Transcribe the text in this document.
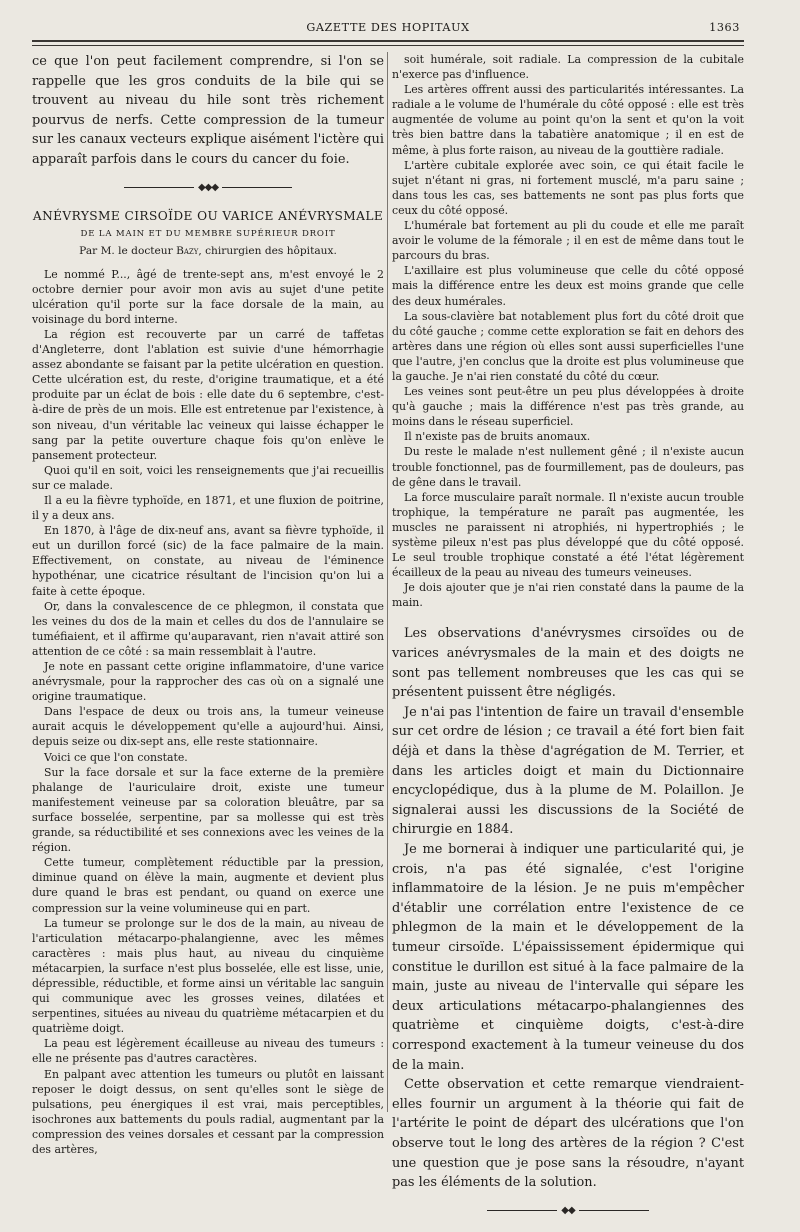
GAZETTE DES HOPITAUX	1363

ce que l'on peut facilement comprendre, si l'on se rappelle que les gros conduits de la bile qui se trouvent au niveau du hile sont très richement pourvus de nerfs. Cette compression de la tumeur sur les canaux vecteurs explique aisément l'ictère qui apparaît parfois dans le cours du cancer du foie.

◆◆◆
ANÉVRYSME CIRSOÏDE OU VARICE ANÉVRYSMALE
DE LA MAIN ET DU MEMBRE SUPÉRIEUR DROIT
Par M. le docteur Bazy, chirurgien des hôpitaux.

Le nommé P..., âgé de trente-sept ans, m'est envoyé le 2 octobre dernier pour avoir mon avis au sujet d'une petite ulcération qu'il porte sur la face dorsale de la main, au voisinage du bord interne.

La région est recouverte par un carré de taffetas d'Angleterre, dont l'ablation est suivie d'une hémorrhagie assez abondante se faisant par la petite ulcération en question. Cette ulcération est, du reste, d'origine traumatique, et a été produite par un éclat de bois : elle date du 6 septembre, c'est-à-dire de près de un mois. Elle est entretenue par l'existence, à son niveau, d'un véritable lac veineux qui laisse échapper le sang par la petite ouverture chaque fois qu'on enlève le pansement protecteur.

Quoi qu'il en soit, voici les renseignements que j'ai recueillis sur ce malade.

Il a eu la fièvre typhoïde, en 1871, et une fluxion de poitrine, il y a deux ans.

En 1870, à l'âge de dix-neuf ans, avant sa fièvre typhoïde, il eut un durillon forcé (sic) de la face palmaire de la main. Effectivement, on constate, au niveau de l'éminence hypothénar, une cicatrice résultant de l'incision qu'on lui a faite à cette époque.

Or, dans la convalescence de ce phlegmon, il constata que les veines du dos de la main et celles du dos de l'annulaire se tuméfiaient, et il affirme qu'auparavant, rien n'avait attiré son attention de ce côté : sa main ressemblait à l'autre.

Je note en passant cette origine inflammatoire, d'une varice anévrysmale, pour la rapprocher des cas où on a signalé une origine traumatique.

Dans l'espace de deux ou trois ans, la tumeur veineuse aurait acquis le développement qu'elle a aujourd'hui. Ainsi, depuis seize ou dix-sept ans, elle reste stationnaire.

Voici ce que l'on constate.

Sur la face dorsale et sur la face externe de la première phalange de l'auriculaire droit, existe une tumeur manifestement veineuse par sa coloration bleuâtre, par sa surface bosselée, serpentine, par sa mollesse qui est très grande, sa réductibilité et ses connexions avec les veines de la région.

Cette tumeur, complètement réductible par la pression, diminue quand on élève la main, augmente et devient plus dure quand le bras est pendant, ou quand on exerce une compression sur la veine volumineuse qui en part.

La tumeur se prolonge sur le dos de la main, au niveau de l'articulation métacarpo-phalangienne, avec les mêmes caractères : mais plus haut, au niveau du cinquième métacarpien, la surface n'est plus bosselée, elle est lisse, unie, dépressible, réductible, et forme ainsi un véritable lac sanguin qui communique avec les grosses veines, dilatées et serpentines, situées au niveau du quatrième métacarpien et du quatrième doigt.

La peau est légèrement écailleuse au niveau des tumeurs : elle ne présente pas d'autres caractères.

En palpant avec attention les tumeurs ou plutôt en laissant reposer le doigt dessus, on sent qu'elles sont le siège de pulsations, peu énergiques il est vrai, mais perceptibles, isochrones aux battements du pouls radial, augmentant par la compression des veines dorsales et cessant par la compression des artères,

soit humérale, soit radiale. La compression de la cubitale n'exerce pas d'influence.

Les artères offrent aussi des particularités intéressantes. La radiale a le volume de l'humérale du côté opposé : elle est très augmentée de volume au point qu'on la sent et qu'on la voit très bien battre dans la tabatière anatomique ; il en est de même, à plus forte raison, au niveau de la gouttière radiale.

L'artère cubitale explorée avec soin, ce qui était facile le sujet n'étant ni gras, ni fortement musclé, m'a paru saine ; dans tous les cas, ses battements ne sont pas plus forts que ceux du côté opposé.

L'humérale bat fortement au pli du coude et elle me paraît avoir le volume de la fémorale ; il en est de même dans tout le parcours du bras.

L'axillaire est plus volumineuse que celle du côté opposé mais la différence entre les deux est moins grande que celle des deux humérales.

La sous-clavière bat notablement plus fort du côté droit que du côté gauche ; comme cette exploration se fait en dehors des artères dans une région où elles sont aussi superficielles l'une que l'autre, j'en conclus que la droite est plus volumineuse que la gauche. Je n'ai rien constaté du côté du cœur.

Les veines sont peut-être un peu plus développées à droite qu'à gauche ; mais la différence n'est pas très grande, au moins dans le réseau superficiel.

Il n'existe pas de bruits anomaux.

Du reste le malade n'est nullement gêné ; il n'existe aucun trouble fonctionnel, pas de fourmillement, pas de douleurs, pas de gêne dans le travail.

La force musculaire paraît normale. Il n'existe aucun trouble trophique, la température ne paraît pas augmentée, les muscles ne paraissent ni atrophiés, ni hypertrophiés ; le système pileux n'est pas plus développé que du côté opposé. Le seul trouble trophique constaté a été l'état légèrement écailleux de la peau au niveau des tumeurs veineuses.

Je dois ajouter que je n'ai rien constaté dans la paume de la main.

Les observations d'anévrysmes cirsoïdes ou de varices anévrysmales de la main et des doigts ne sont pas tellement nombreuses que les cas qui se présentent puissent être négligés.

Je n'ai pas l'intention de faire un travail d'ensemble sur cet ordre de lésion ; ce travail a été fort bien fait déjà et dans la thèse d'agrégation de M. Terrier, et dans les articles doigt et main du Dictionnaire encyclopédique, dus à la plume de M. Polaillon. Je signalerai aussi les discussions de la Société de chirurgie en 1884.

Je me bornerai à indiquer une particularité qui, je crois, n'a pas été signalée, c'est l'origine inflammatoire de la lésion. Je ne puis m'empêcher d'établir une corrélation entre l'existence de ce phlegmon de la main et le développement de la tumeur cirsoïde. L'épaississement épidermique qui constitue le durillon est situé à la face palmaire de la main, juste au niveau de l'intervalle qui sépare les deux articulations métacarpo-phalangiennes des quatrième et cinquième doigts, c'est-à-dire correspond exactement à la tumeur veineuse du dos de la main.

Cette observation et cette remarque viendraient-elles fournir un argument à la théorie qui fait de l'artérite le point de départ des ulcérations que l'on observe tout le long des artères de la région ? C'est une question que je pose sans la résoudre, n'ayant pas les éléments de la solution.

◆◆
